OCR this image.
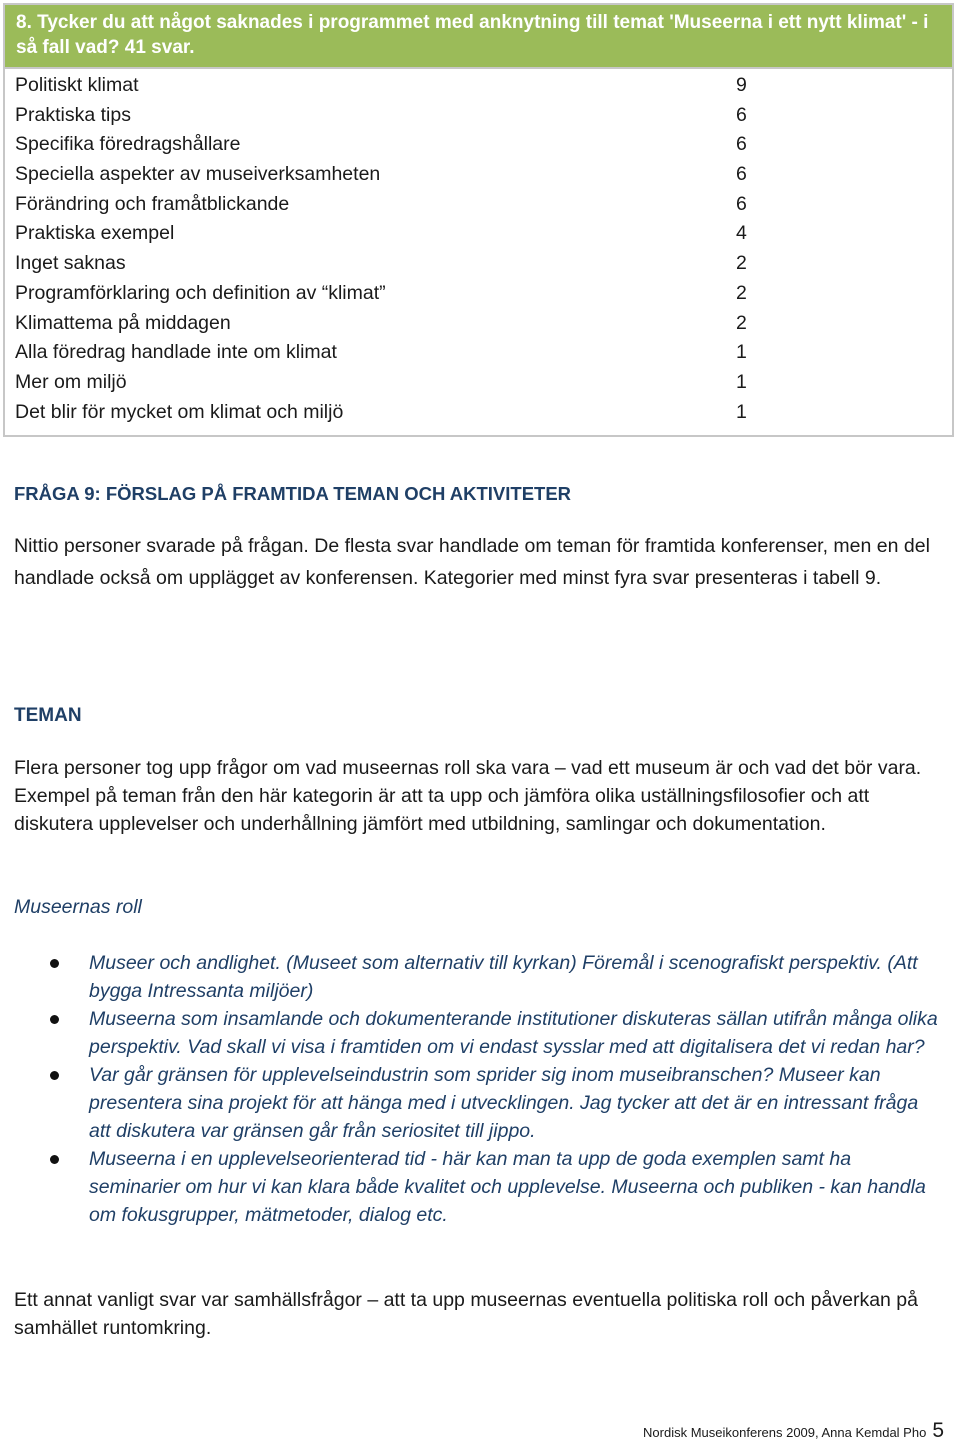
8. Tycker du att något saknades i programmet med anknytning till temat 'Museerna i ett nytt klimat' - i så fall vad? 41 svar.
Politiskt klimat	9
Praktiska tips	6
Specifika föredragshållare	6
Speciella aspekter av museiverksamheten	6
Förändring och framåtblickande	6
Praktiska exempel	4
Inget saknas	2
Programförklaring och definition av “klimat”	2
Klimattema på middagen	2
Alla föredrag handlade inte om klimat	1
Mer om miljö	1
Det blir för mycket om klimat och miljö	1
FRÅGA 9: FÖRSLAG PÅ FRAMTIDA TEMAN OCH AKTIVITETER
Nittio personer svarade på frågan. De flesta svar handlade om teman för framtida konferenser, men en del handlade också om upplägget av konferensen. Kategorier med minst fyra svar presenteras i tabell 9.
TEMAN
Flera personer tog upp frågor om vad museernas roll ska vara – vad ett museum är och vad det bör vara. Exempel på teman från den här kategorin är att ta upp och jämföra olika uställningsfilosofier och att diskutera upplevelser och underhållning jämfört med utbildning, samlingar och dokumentation.
Museernas roll
Museer och andlighet. (Museet som alternativ till kyrkan) Föremål i scenografiskt perspektiv. (Att bygga Intressanta miljöer)
Museerna som insamlande och dokumenterande institutioner diskuteras sällan utifrån många olika perspektiv. Vad skall vi visa i framtiden om vi endast sysslar med att digitalisera det vi redan har?
Var går gränsen för upplevelseindustrin som sprider sig inom museibranschen? Museer kan presentera sina projekt för att hänga med i utvecklingen. Jag tycker att det är en intressant fråga att diskutera var gränsen går från seriositet till jippo.
Museerna i en upplevelseorienterad tid - här kan man ta upp de goda exemplen samt ha seminarier om hur vi kan klara både kvalitet och upplevelse. Museerna och publiken - kan handla om fokusgrupper, mätmetoder, dialog etc.
Ett annat vanligt svar var samhällsfrågor – att ta upp museernas eventuella politiska roll och påverkan på samhället runtomkring.
Nordisk Museikonferens 2009, Anna Kemdal Pho 5
